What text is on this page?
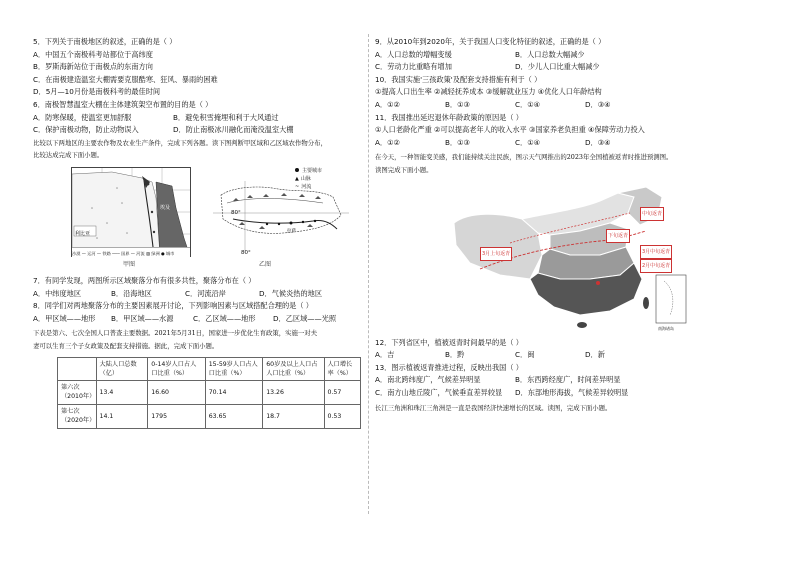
5．下列关于南极地区的叙述，正确的是（ ）
A．中国五个南极科考站都位于高纬度
B．罗斯海新站位于南极点的东南方向
C．在南极建造温室大棚需要克服酷寒、狂风、暴雨的困难
D．5月—10月份是南极科考的最佳时间
6．南极智慧温室大棚在主体建筑架空布置的目的是（ ）
A．防寒保暖，使温室更加舒服	B．避免积雪掩埋和利于大风通过
C．保护南极动物，防止动物误入	D．防止南极冰川融化而淹没温室大棚
比较以下两地区的主要农作物及农业生产条件，完成下列各题。读下图判断甲区域和乙区域农作物分布，
比较达成完成下面小题。
利比亚
埃及
沙漠 — 运河 — 铁路 ─── 国界 — 河流 ▨ 绿洲 ● 城市
甲图
80°
80°
拉萨
主要城市
▲ 山脉
~ 河流
乙图
7．有同学发现，两图所示区域聚落分布有很多共性，聚落分布在（ ）
A．中纬度地区	B．沿海地区	C．河流沿岸	D．气候炎热的地区
8．同学们对两地聚落分布的主要因素展开讨论，下列影响因素与区域搭配合理的是（ ）
A．甲区域——地形	B．甲区域——水源	C．乙区域——地形	D．乙区域——光照
下表是第六、七次全国人口普查主要数据。2021年5月31日，国家进一步优化生育政策，实施一对夫
妻可以生育三个子女政策及配套支持措施。据此，完成下面小题。
	大陆人口总数（亿）	0-14岁人口占人口比重（%）	15-59岁人口占人口比重（%）	60岁及以上人口占人口比重（%）	人口增长率（%）
第六次（2010年）	13.4	16.60	70.14	13.26	0.57
第七次（2020年）	14.1	1795	63.65	18.7	0.53
9．从2010年到2020年，关于我国人口变化特征的叙述，正确的是（ ）
A．人口总数的增幅变缓	B．人口总数大幅减少
C．劳动力比重略有增加	D．少儿人口比重大幅减少
10．我国实施'三孩政策'及配套支持措施有利于（ ）
①提高人口出生率 ②减轻抚养成本 ③缓解就业压力 ④优化人口年龄结构
A．①②	B．①③	C．①④	D．③④
11．我国推出延迟退休年龄政策的原因是（ ）
①人口老龄化严重 ②可以提高老年人的收入水平 ③国家养老负担重 ④保障劳动力投入
A．①②	B．①③	C．①④	D．③④
在今天，一种智能变美感，我们能持续关注民族，图示天气网推出的2023年全国植被返青时推进预测图。
读图完成下面小题。
中旬返青
下旬返青
3月中旬返青
2月中旬返青
3月上旬返青
南海诸岛
12．下列省区中，植被返青时间最早的是（ ）
A．吉	B．黔	C．闽	D．新
13．图示植被返青推进过程，反映出我国（ ）
A．南北跨纬度广，气候差异明显	B．东西跨经度广，时间差异明显
C．南方山地丘陵广，气候垂直差异较显	D．东部地形海拔，气候差异较明显
长江三角洲和珠江三角洲是一直是我国经济快速增长的区域。读图，完成下面小题。
